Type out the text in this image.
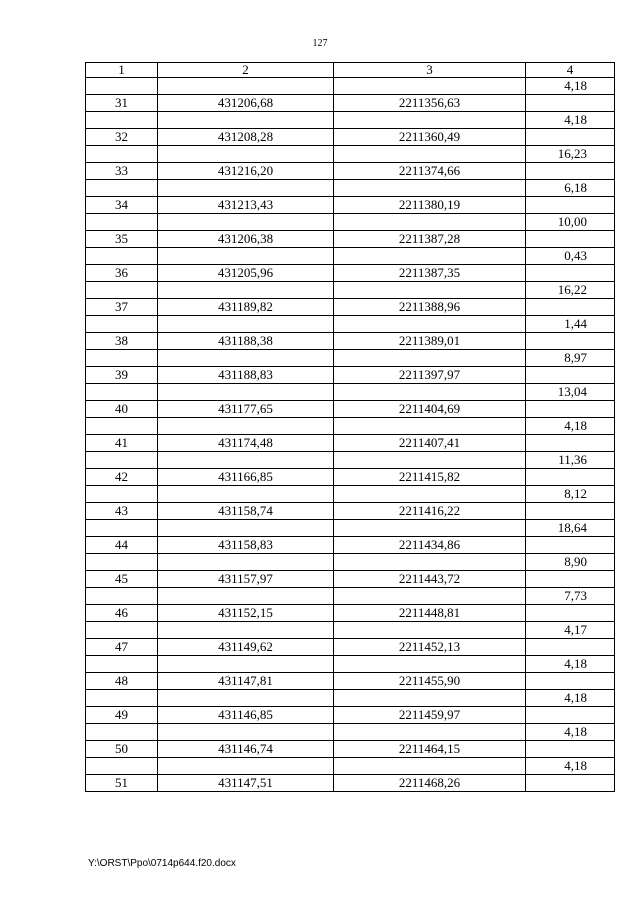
127
1	2	3	4
			4,18
31	431206,68	2211356,63	
			4,18
32	431208,28	2211360,49	
			16,23
33	431216,20	2211374,66	
			6,18
34	431213,43	2211380,19	
			10,00
35	431206,38	2211387,28	
			0,43
36	431205,96	2211387,35	
			16,22
37	431189,82	2211388,96	
			1,44
38	431188,38	2211389,01	
			8,97
39	431188,83	2211397,97	
			13,04
40	431177,65	2211404,69	
			4,18
41	431174,48	2211407,41	
			11,36
42	431166,85	2211415,82	
			8,12
43	431158,74	2211416,22	
			18,64
44	431158,83	2211434,86	
			8,90
45	431157,97	2211443,72	
			7,73
46	431152,15	2211448,81	
			4,17
47	431149,62	2211452,13	
			4,18
48	431147,81	2211455,90	
			4,18
49	431146,85	2211459,97	
			4,18
50	431146,74	2211464,15	
			4,18
51	431147,51	2211468,26	
Y:\ORST\Ppo\0714p644.f20.docx
